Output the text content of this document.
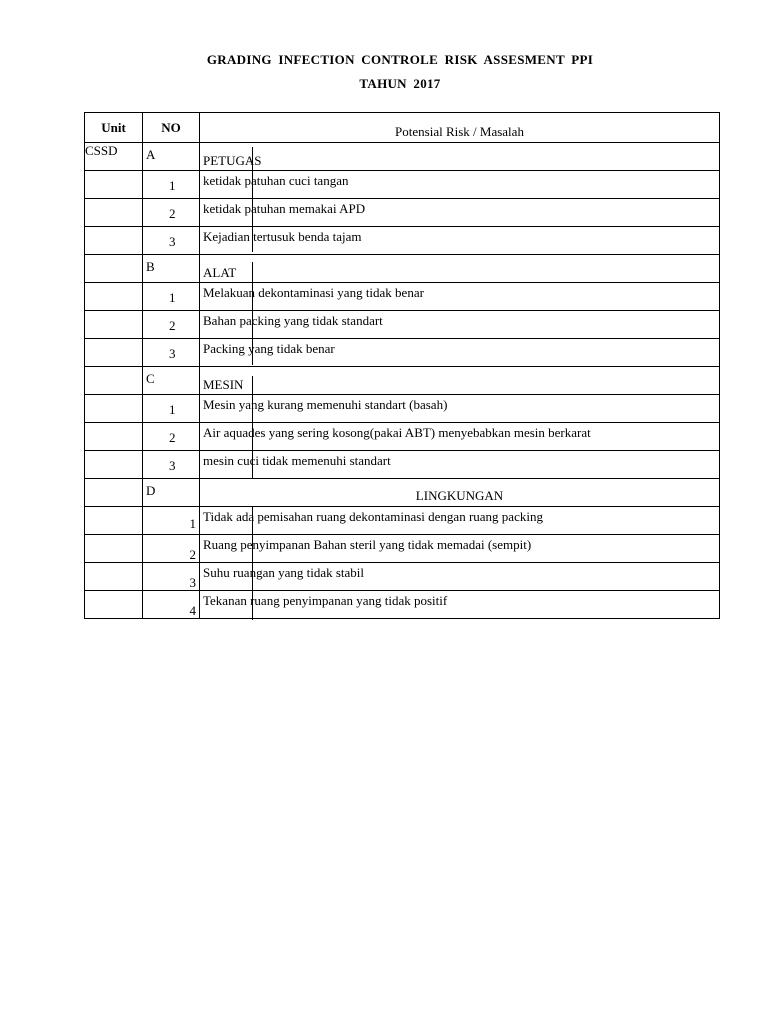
GRADING INFECTION CONTROLE RISK ASSESMENT PPI
TAHUN 2017
Unit	NO	Potensial Risk / Masalah
CSSD	A	PETUGAS

	1	ketidak patuhan cuci tangan

	2	ketidak patuhan memakai APD

	3	Kejadian tertusuk benda tajam

	B	ALAT

	1	Melakuan dekontaminasi yang tidak benar

	2	Bahan packing yang tidak standart

	3	Packing yang tidak benar

	C	MESIN

	1	Mesin yang kurang memenuhi standart (basah)

	2	Air aquades yang sering kosong(pakai ABT) menyebabkan mesin berkarat

	3	mesin cuci tidak memenuhi standart

	D	LINGKUNGAN

	1	Tidak ada pemisahan ruang dekontaminasi dengan ruang packing

	2	Ruang penyimpanan Bahan steril yang tidak memadai (sempit)

	3	Suhu ruangan yang tidak stabil

	4	Tekanan ruang penyimpanan yang tidak positif
